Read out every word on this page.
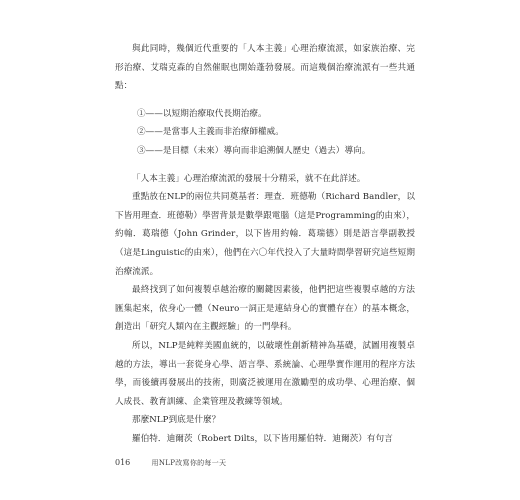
與此同時，幾個近代重要的「人本主義」心理治療流派，如家族治療、完形治療、艾瑞克森的自然催眠也開始蓬勃發展。而這幾個治療流派有一些共通點：

①——以短期治療取代長期治療。

②——是當事人主義而非治療師權威。

③——是目標（未來）導向而非追溯個人歷史（過去）導向。

「人本主義」心理治療流派的發展十分精采，就不在此詳述。

重點放在NLP的兩位共同奠基者：理查．班德勒（Richard Bandler，以下皆用理查．班德勒）學習背景是數學跟電腦（這是Programming的由來），約翰．葛瑞德（John Grinder，以下皆用約翰．葛瑞德）則是語言學副教授（這是Linguistic的由來），他們在六〇年代投入了大量時間學習研究這些短期治療流派。

最終找到了如何複製卓越治療的關鍵因素後，他們把這些複製卓越的方法匯集起來，依身心一體（Neuro一詞正是連結身心的實體存在）的基本概念，創造出「研究人類內在主觀經驗」的一門學科。

所以，NLP是純粹美國血統的，以破壞性創新精神為基礎，試圖用複製卓越的方法，導出一套從身心學、語言學、系統論、心理學實作運用的程序方法學，而後續再發展出的技術，則廣泛被運用在激勵型的成功學、心理治療、個人成長、教育訓練、企業管理及教練等領域。

那麼NLP到底是什麼？

羅伯特．迪爾茨（Robert Dilts，以下皆用羅伯特．迪爾茨）有句言

016	用NLP改寫你的每一天
